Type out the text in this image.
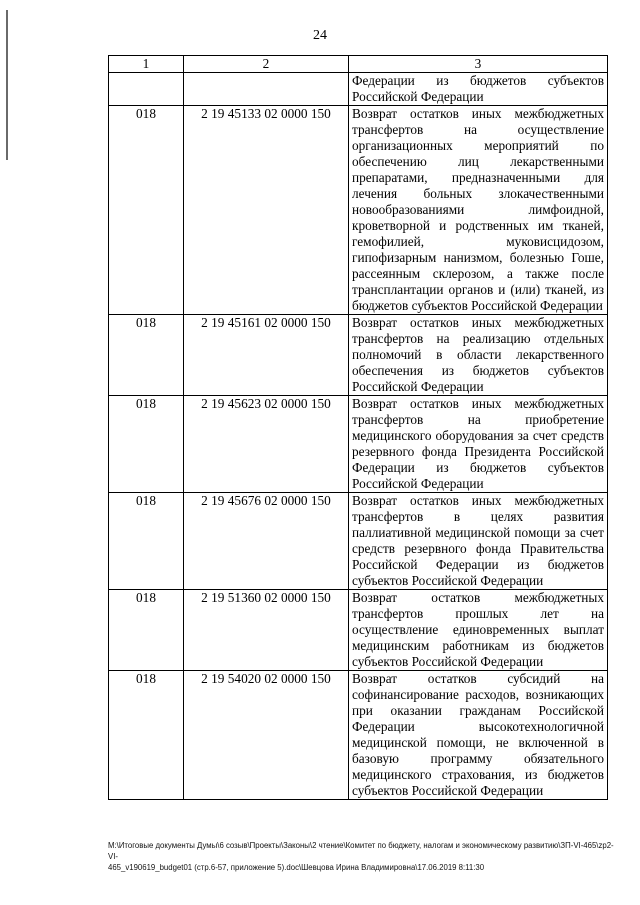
24
1	2	3
		Федерации из бюджетов субъектов Российской Федерации
018	2 19 45133 02 0000 150	Возврат остатков иных межбюджетных трансфертов на осуществление организационных мероприятий по обеспечению лиц лекарственными препаратами, предназначенными для лечения больных злокачественными новообразованиями лимфоидной, кроветворной и родственных им тканей, гемофилией, муковисцидозом, гипофизарным нанизмом, болезнью Гоше, рассеянным склерозом, а также после трансплантации органов и (или) тканей, из бюджетов субъектов Российской Федерации
018	2 19 45161 02 0000 150	Возврат остатков иных межбюджетных трансфертов на реализацию отдельных полномочий в области лекарственного обеспечения из бюджетов субъектов Российской Федерации
018	2 19 45623 02 0000 150	Возврат остатков иных межбюджетных трансфертов на приобретение медицинского оборудования за счет средств резервного фонда Президента Российской Федерации из бюджетов субъектов Российской Федерации
018	2 19 45676 02 0000 150	Возврат остатков иных межбюджетных трансфертов в целях развития паллиативной медицинской помощи за счет средств резервного фонда Правительства Российской Федерации из бюджетов субъектов Российской Федерации
018	2 19 51360 02 0000 150	Возврат остатков межбюджетных трансфертов прошлых лет на осуществление единовременных выплат медицинским работникам из бюджетов субъектов Российской Федерации
018	2 19 54020 02 0000 150	Возврат остатков субсидий на софинансирование расходов, возникающих при оказании гражданам Российской Федерации высокотехнологичной медицинской помощи, не включенной в базовую программу обязательного медицинского страхования, из бюджетов субъектов Российской Федерации
M:\Итоговые документы Думы\6 созыв\Проекты\Законы\2 чтение\Комитет по бюджету, налогам и экономическому развитию\ЗП-VI-465\zp2-VI-
465_v190619_budget01 (стр.6-57, приложение 5).doc\Шевцова Ирина Владимировна\17.06.2019 8:11:30
